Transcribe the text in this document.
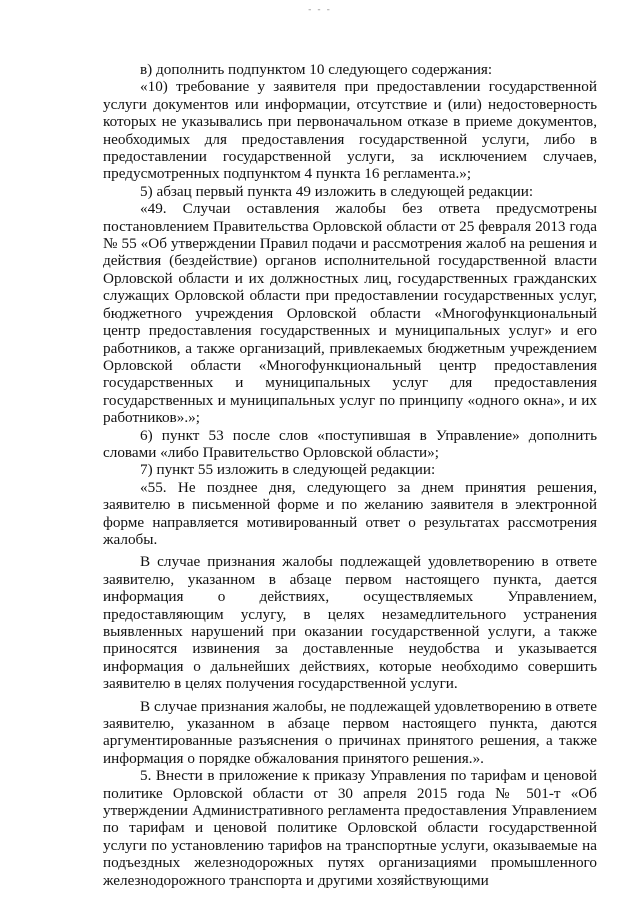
- - -

в) дополнить подпунктом 10 следующего содержания:

«10) требование у заявителя при предоставлении государственной услуги документов или информации, отсутствие и (или) недостоверность которых не указывались при первоначальном отказе в приеме документов, необходимых для предоставления государственной услуги, либо в предоставлении государственной услуги, за исключением случаев, предусмотренных подпунктом 4 пункта 16 регламента.»;

5) абзац первый пункта 49 изложить в следующей редакции:

«49. Случаи оставления жалобы без ответа предусмотрены постановлением Правительства Орловской области от 25 февраля 2013 года № 55 «Об утверждении Правил подачи и рассмотрения жалоб на решения и действия (бездействие) органов исполнительной государственной власти Орловской области и их должностных лиц, государственных гражданских служащих Орловской области при предоставлении государственных услуг, бюджетного учреждения Орловской области «Многофункциональный центр предоставления государственных и муниципальных услуг» и его работников, а также организаций, привлекаемых бюджетным учреждением Орловской области «Многофункциональный центр предоставления государственных и муниципальных услуг для предоставления государственных и муниципальных услуг по принципу «одного окна», и их работников».»;

6) пункт 53 после слов «поступившая в Управление» дополнить словами «либо Правительство Орловской области»;

7) пункт 55 изложить в следующей редакции:

«55. Не позднее дня, следующего за днем принятия решения, заявителю в письменной форме и по желанию заявителя в электронной форме направляется мотивированный ответ о результатах рассмотрения жалобы.

В случае признания жалобы подлежащей удовлетворению в ответе заявителю, указанном в абзаце первом настоящего пункта, дается информация о действиях, осуществляемых Управлением, предоставляющим услугу, в целях незамедлительного устранения выявленных нарушений при оказании государственной услуги, а также приносятся извинения за доставленные неудобства и указывается информация о дальнейших действиях, которые необходимо совершить заявителю в целях получения государственной услуги.

В случае признания жалобы, не подлежащей удовлетворению в ответе заявителю, указанном в абзаце первом настоящего пункта, даются аргументированные разъяснения о причинах принятого решения, а также информация о порядке обжалования принятого решения.».

5. Внести в приложение к приказу Управления по тарифам и ценовой политике Орловской области от 30 апреля 2015 года № 501-т «Об утверждении Административного регламента предоставления Управлением по тарифам и ценовой политике Орловской области государственной услуги по установлению тарифов на транспортные услуги, оказываемые на подъездных железнодорожных путях организациями промышленного железнодорожного транспорта и другими хозяйствующими
